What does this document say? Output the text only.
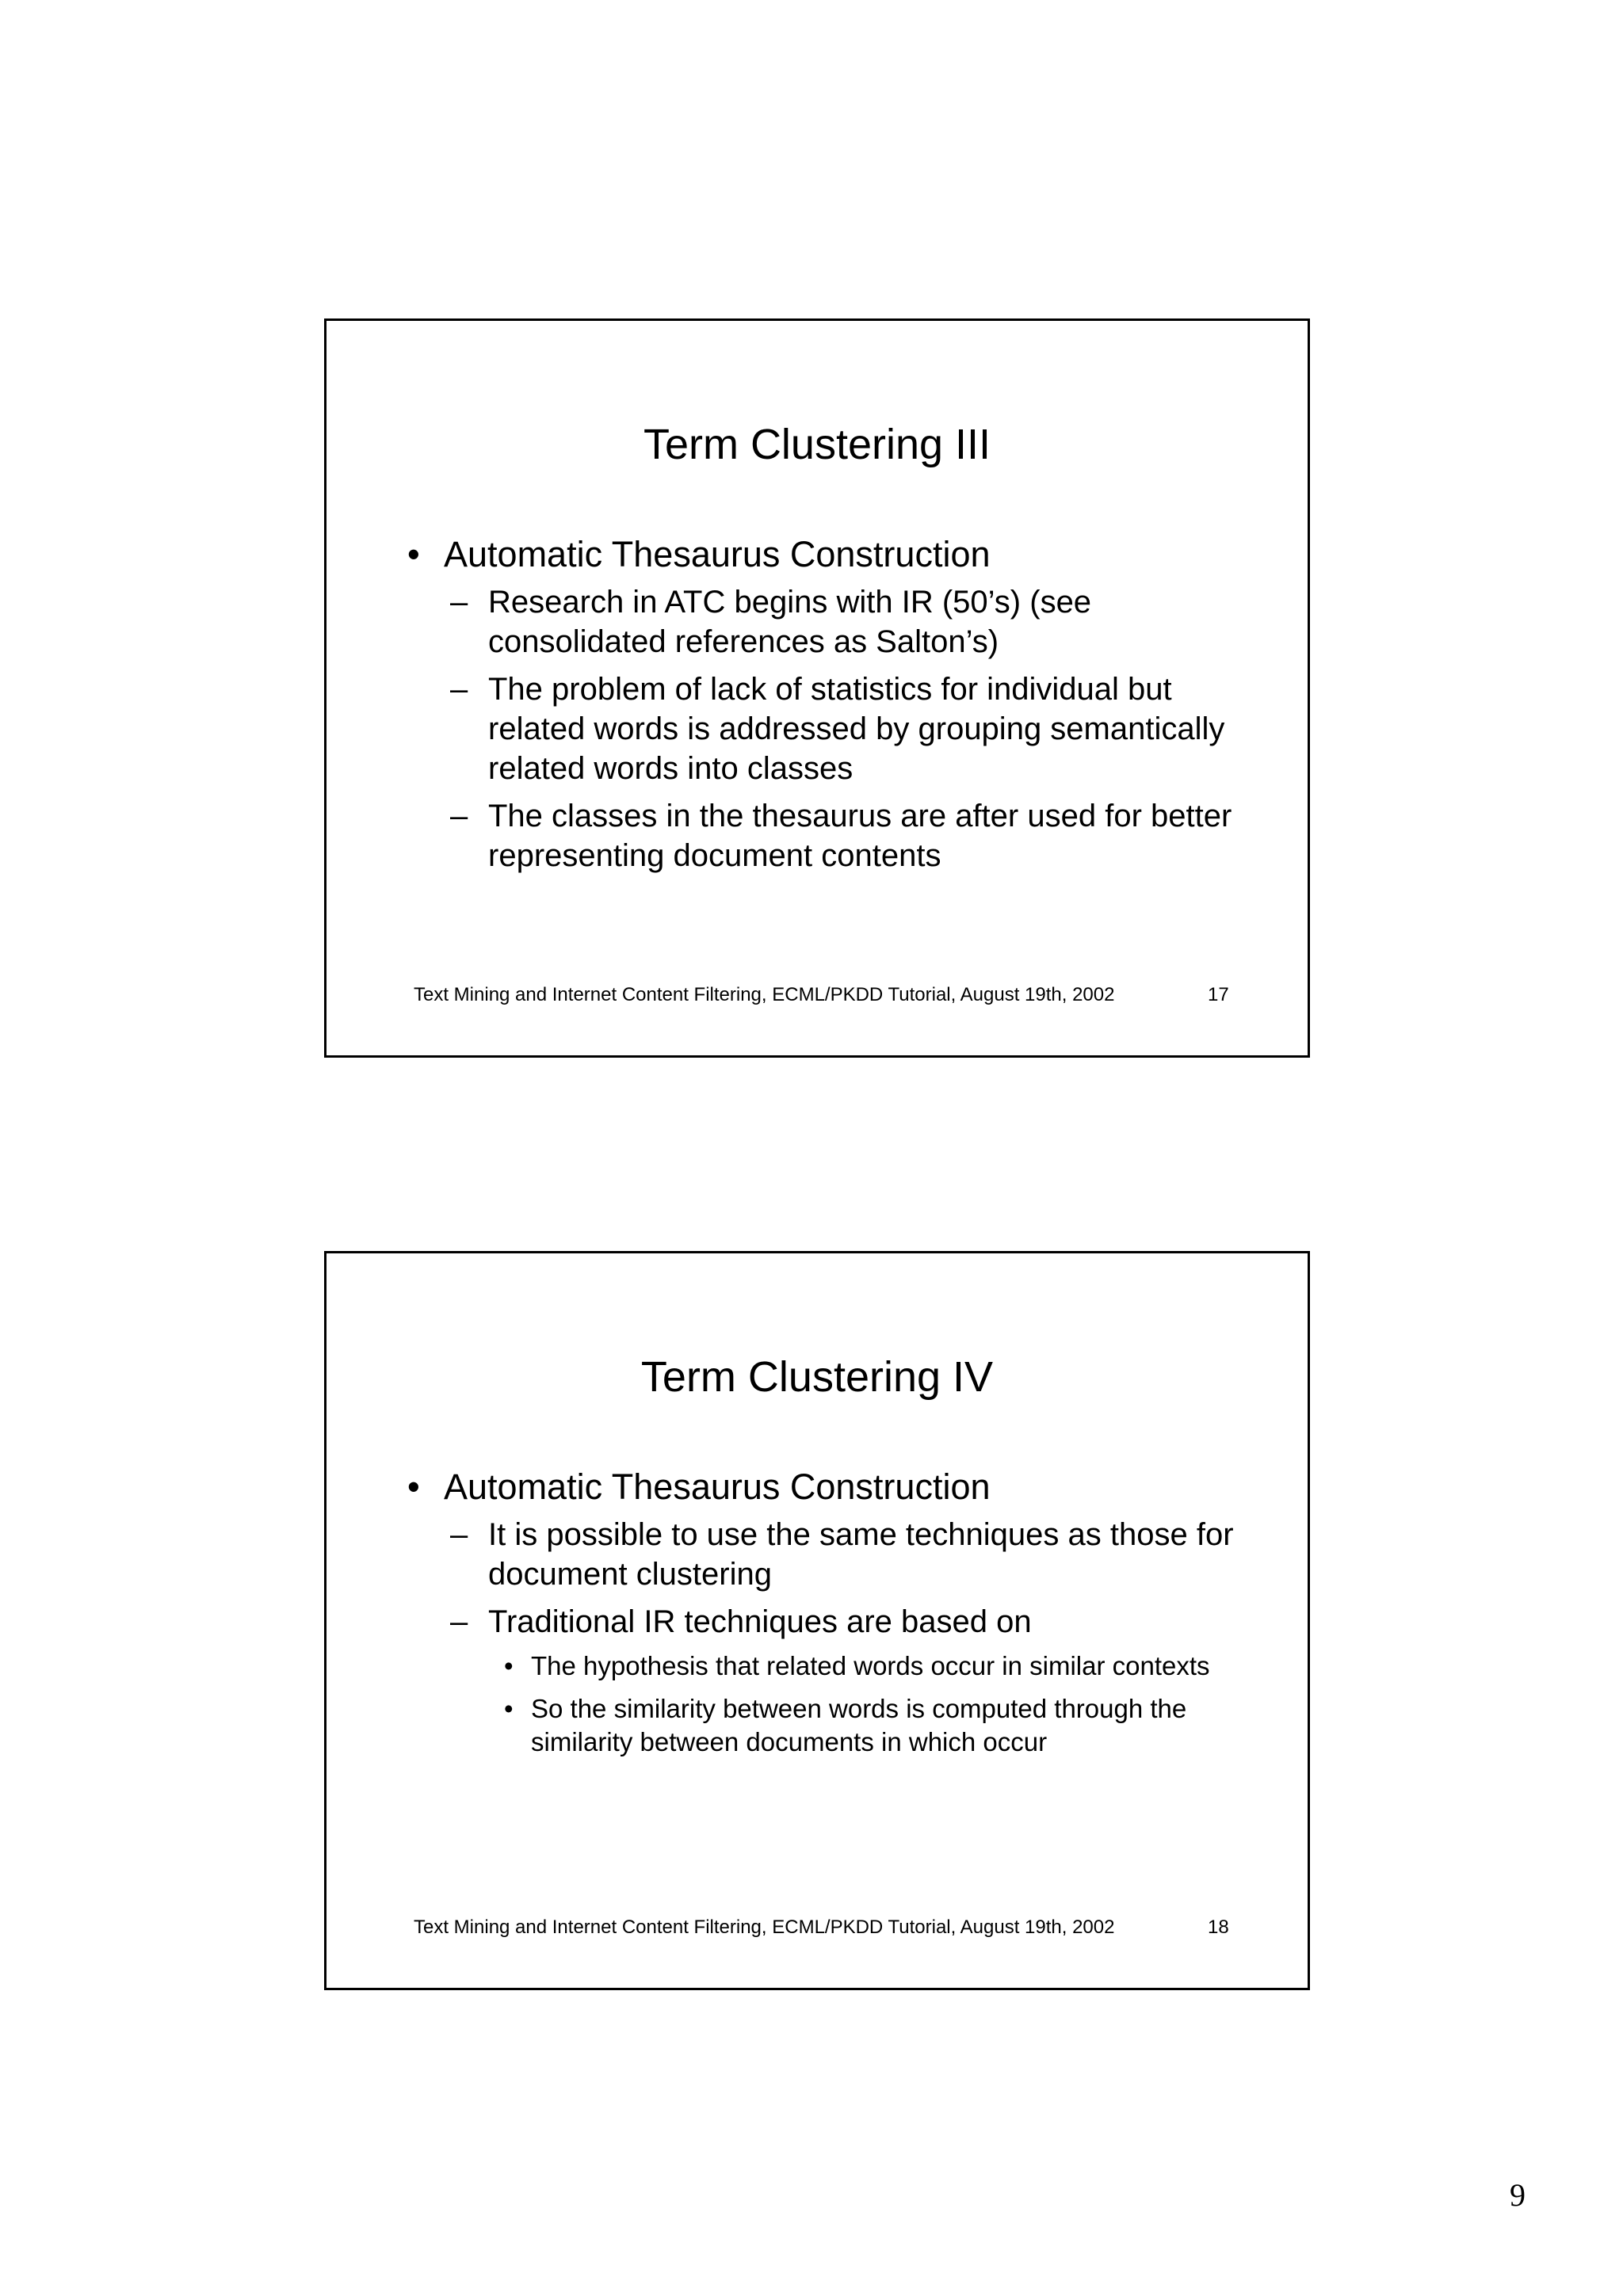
Term Clustering III
• Automatic Thesaurus Construction
– Research in ATC begins with IR (50’s) (see consolidated references as Salton’s)
– The problem of lack of statistics for individual but related words is addressed by grouping semantically related words into classes
– The classes in the thesaurus are after used for better representing document contents
Text Mining and Internet Content Filtering, ECML/PKDD Tutorial, August 19th, 2002	17
Term Clustering IV
• Automatic Thesaurus Construction
– It is possible to use the same techniques as those for document clustering
– Traditional IR techniques are based on
• The hypothesis that related words occur in similar contexts
• So the similarity between words is computed through the similarity between documents in which occur
Text Mining and Internet Content Filtering, ECML/PKDD Tutorial, August 19th, 2002	18
9
